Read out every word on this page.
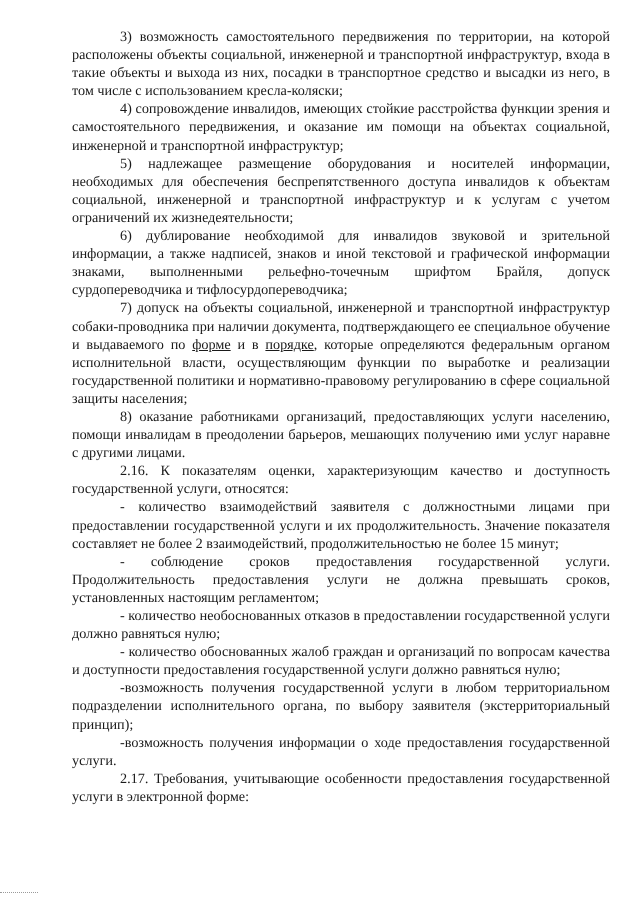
3) возможность самостоятельного передвижения по территории, на которой расположены объекты социальной, инженерной и транспортной инфраструктур, входа в такие объекты и выхода из них, посадки в транспортное средство и высадки из него, в том числе с использованием кресла-коляски;

4) сопровождение инвалидов, имеющих стойкие расстройства функции зрения и самостоятельного передвижения, и оказание им помощи на объектах социальной, инженерной и транспортной инфраструктур;

5) надлежащее размещение оборудования и носителей информации, необходимых для обеспечения беспрепятственного доступа инвалидов к объектам социальной, инженерной и транспортной инфраструктур и к услугам с учетом ограничений их жизнедеятельности;

6) дублирование необходимой для инвалидов звуковой и зрительной информации, а также надписей, знаков и иной текстовой и графической информации знаками, выполненными рельефно-точечным шрифтом Брайля, допуск сурдопереводчика и тифлосурдопереводчика;

7) допуск на объекты социальной, инженерной и транспортной инфраструктур собаки-проводника при наличии документа, подтверждающего ее специальное обучение и выдаваемого по форме и в порядке, которые определяются федеральным органом исполнительной власти, осуществляющим функции по выработке и реализации государственной политики и нормативно-правовому регулированию в сфере социальной защиты населения;

8) оказание работниками организаций, предоставляющих услуги населению, помощи инвалидам в преодолении барьеров, мешающих получению ими услуг наравне с другими лицами.

2.16. К показателям оценки, характеризующим качество и доступность государственной услуги, относятся:

- количество взаимодействий заявителя с должностными лицами при предоставлении государственной услуги и их продолжительность. Значение показателя составляет не более 2 взаимодействий, продолжительностью не более 15 минут;

- соблюдение сроков предоставления государственной услуги. Продолжительность предоставления услуги не должна превышать сроков, установленных настоящим регламентом;

- количество необоснованных отказов в предоставлении государственной услуги должно равняться нулю;

- количество обоснованных жалоб граждан и организаций по вопросам качества и доступности предоставления государственной услуги должно равняться нулю;

-возможность получения государственной услуги в любом территориальном подразделении исполнительного органа, по выбору заявителя (экстерриториальный принцип);

-возможность получения информации о ходе предоставления государственной услуги.

2.17. Требования, учитывающие особенности предоставления государственной услуги в электронной форме:
